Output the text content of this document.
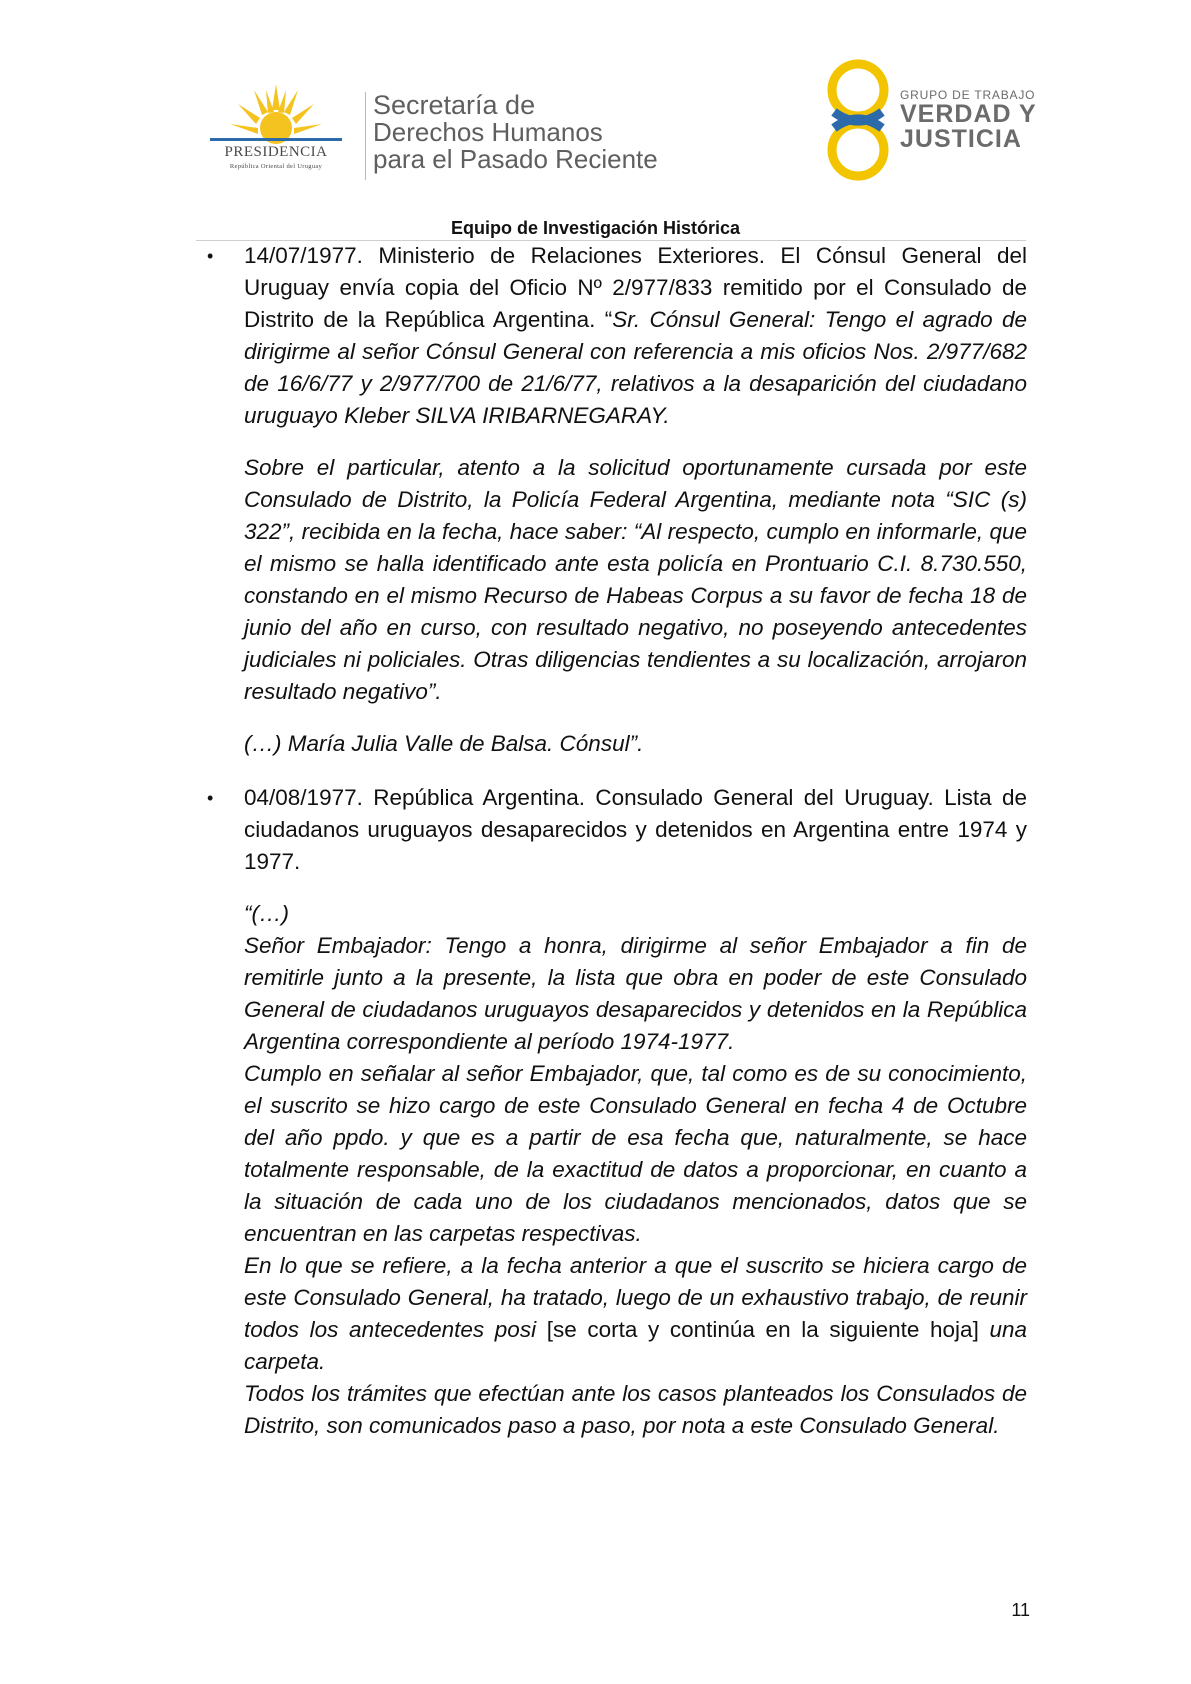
PRESIDENCIA
República Oriental del Uruguay
Secretaría de
Derechos Humanos
para el Pasado Reciente
GRUPO DE TRABAJO
VERDAD Y
JUSTICIA
Equipo de Investigación Histórica
• 14/07/1977. Ministerio de Relaciones Exteriores. El Cónsul General del Uruguay envía copia del Oficio Nº 2/977/833 remitido por el Consulado de Distrito de la República Argentina. “Sr. Cónsul General: Tengo el agrado de dirigirme al señor Cónsul General con referencia a mis oficios Nos. 2/977/682 de 16/6/77 y 2/977/700 de 21/6/77, relativos a la desaparición del ciudadano uruguayo Kleber SILVA IRIBARNEGARAY.

Sobre el particular, atento a la solicitud oportunamente cursada por este Consulado de Distrito, la Policía Federal Argentina, mediante nota “SIC (s) 322”, recibida en la fecha, hace saber: “Al respecto, cumplo en informarle, que el mismo se halla identificado ante esta policía en Prontuario C.I. 8.730.550, constando en el mismo Recurso de Habeas Corpus a su favor de fecha 18 de junio del año en curso, con resultado negativo, no poseyendo antecedentes judiciales ni policiales. Otras diligencias tendientes a su localización, arrojaron resultado negativo”.

(…) María Julia Valle de Balsa. Cónsul”.

• 04/08/1977. República Argentina. Consulado General del Uruguay. Lista de ciudadanos uruguayos desaparecidos y detenidos en Argentina entre 1974 y 1977.

“(…)

Señor Embajador: Tengo a honra, dirigirme al señor Embajador a fin de remitirle junto a la presente, la lista que obra en poder de este Consulado General de ciudadanos uruguayos desaparecidos y detenidos en la República Argentina correspondiente al período 1974-1977.

Cumplo en señalar al señor Embajador, que, tal como es de su conocimiento, el suscrito se hizo cargo de este Consulado General en fecha 4 de Octubre del año ppdo. y que es a partir de esa fecha que, naturalmente, se hace totalmente responsable, de la exactitud de datos a proporcionar, en cuanto a la situación de cada uno de los ciudadanos mencionados, datos que se encuentran en las carpetas respectivas.

En lo que se refiere, a la fecha anterior a que el suscrito se hiciera cargo de este Consulado General, ha tratado, luego de un exhaustivo trabajo, de reunir todos los antecedentes posi [se corta y continúa en la siguiente hoja] una carpeta.

Todos los trámites que efectúan ante los casos planteados los Consulados de Distrito, son comunicados paso a paso, por nota a este Consulado General.

11
